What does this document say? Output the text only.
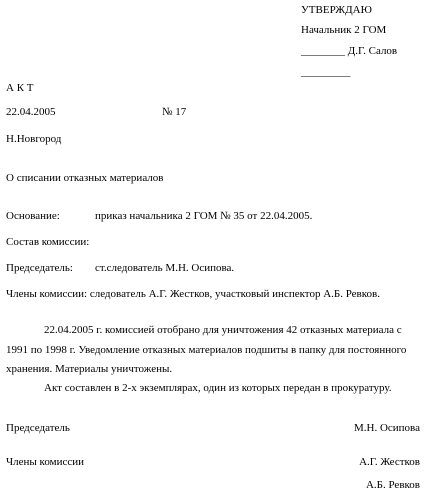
УТВЕРЖДАЮ
Начальник 2 ГОМ
________ Д.Г. Салов
_________
А К Т
22.04.2005	№ 17
Н.Новгород
О списании отказных материалов
Основание:	приказ начальника 2 ГОМ № 35 от 22.04.2005.
Состав комиссии:
Председатель: ст.следователь М.Н. Осипова.
Члены комиссии: следователь А.Г. Жестков, участковый инспектор А.Б. Ревков.
22.04.2005 г. комиссией отобрано для уничтожения 42 отказных материала с
1991 по 1998 г. Уведомление отказных материалов подшиты в папку для постоянного
хранения. Материалы уничтожены.
Акт составлен в 2-х экземплярах, один из которых передан в прокуратуру.
Председатель	М.Н. Осипова
Члены комиссии	А.Г. Жестков
А.Б. Ревков
